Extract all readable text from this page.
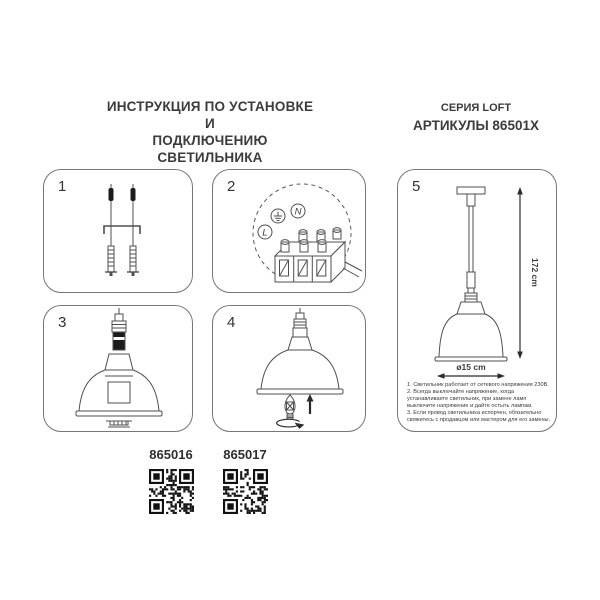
ИНСТРУКЦИЯ ПО УСТАНОВКЕ И
ПОДКЛЮЧЕНИЮ СВЕТИЛЬНИКА
СЕРИЯ LOFT
АРТИКУЛЫ 86501X
1	2
L
N
3	4
5
172 cm
ø15 cm
1. Светильник работает от сетевого напряжения 230В.
2. Всегда выключайте напряжение, когда устанавливаете светильник, при замене ламп выключите напряжение и дайте остыть лампам.
3. Если провод светильника испорчен, обязательно свяжитесь с продавцом или мастером для его замены.
865016	865017
